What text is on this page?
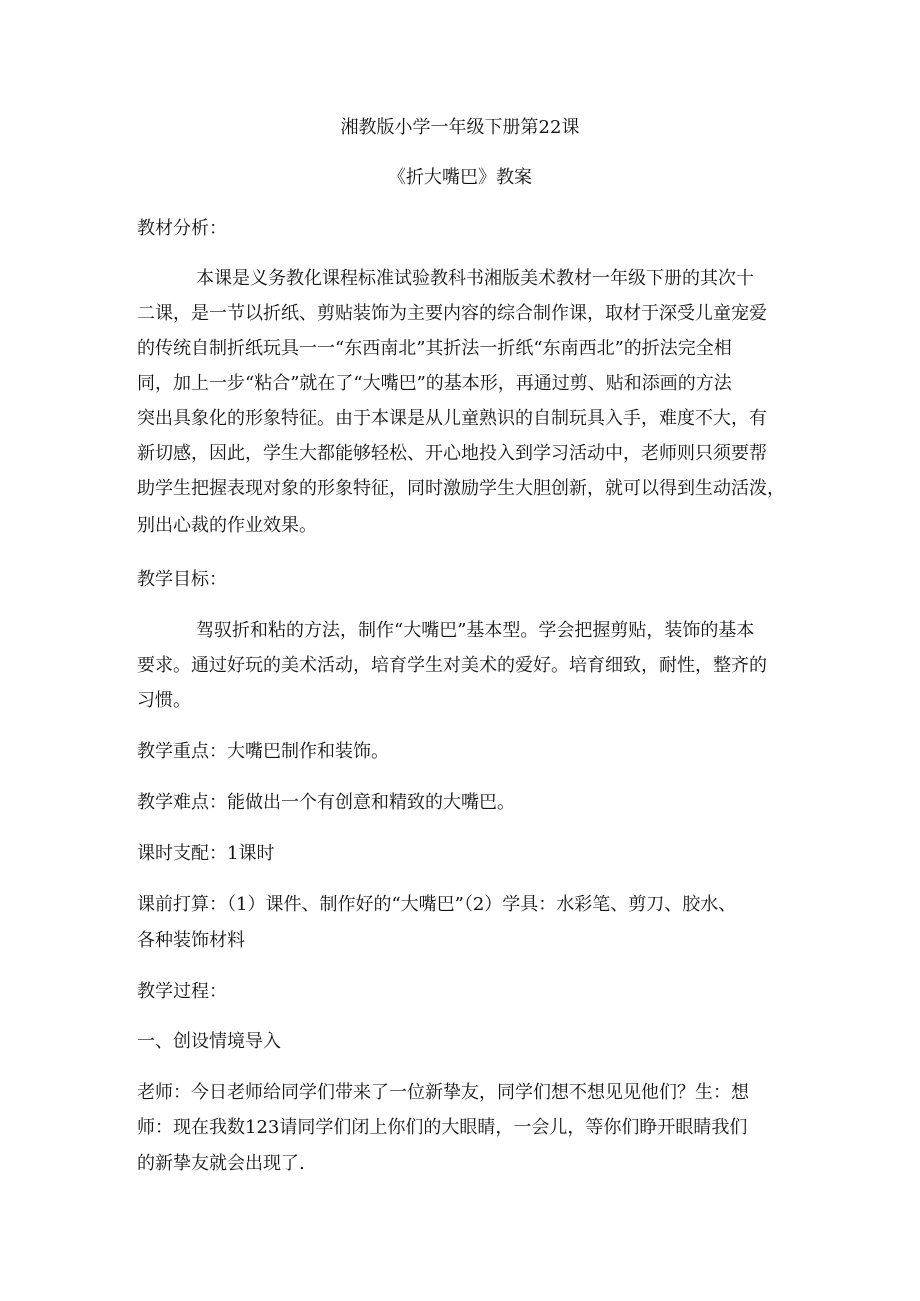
湘教版小学一年级下册第22课

《折大嘴巴》教案

教材分析：

本课是义务教化课程标准试验教科书湘版美术教材一年级下册的其次十

二课，是一节以折纸、剪贴装饰为主要内容的综合制作课，取材于深受儿童宠爱

的传统自制折纸玩具一一“东西南北”其折法一折纸“东南西北”的折法完全相

同，加上一步“粘合”就在了“大嘴巴”的基本形，再通过剪、贴和添画的方法

突出具象化的形象特征。由于本课是从儿童熟识的自制玩具入手，难度不大，有

新切感，因此，学生大都能够轻松、开心地投入到学习活动中，老师则只须要帮

助学生把握表现对象的形象特征，同时激励学生大胆创新，就可以得到生动活泼，

别出心裁的作业效果。

教学目标：

驾驭折和粘的方法，制作“大嘴巴”基本型。学会把握剪贴，装饰的基本

要求。通过好玩的美术活动，培育学生对美术的爱好。培育细致，耐性，整齐的

习惯。

教学重点：大嘴巴制作和装饰。

教学难点：能做出一个有创意和精致的大嘴巴。

课时支配：1课时

课前打算：（1）课件、制作好的“大嘴巴”（2）学具：水彩笔、剪刀、胶水、

各种装饰材料

教学过程：

一、创设情境导入

老师：今日老师给同学们带来了一位新挚友，同学们想不想见见他们？生：想

师：现在我数123请同学们闭上你们的大眼睛，一会儿，等你们睁开眼睛我们

的新挚友就会出现了.
